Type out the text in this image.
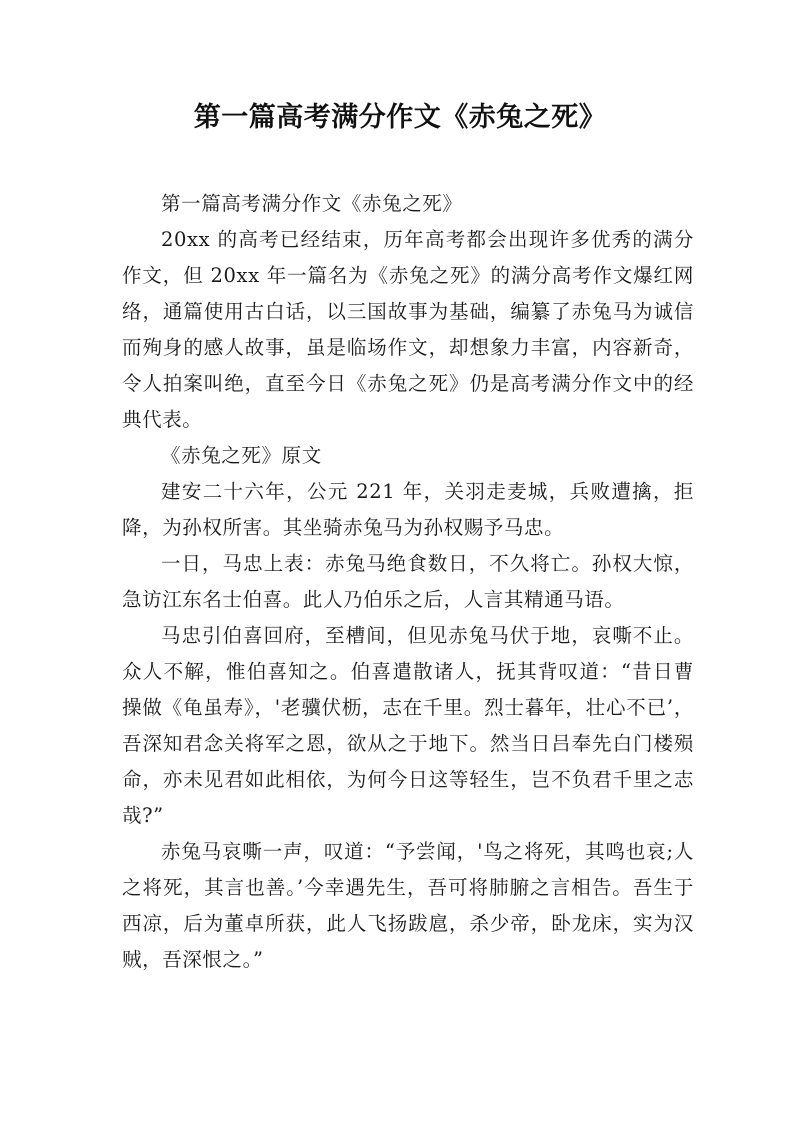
第一篇高考满分作文《赤兔之死》

第一篇高考满分作文《赤兔之死》

20xx 的高考已经结束，历年高考都会出现许多优秀的满分作文，但 20xx 年一篇名为《赤兔之死》的满分高考作文爆红网络，通篇使用古白话，以三国故事为基础，编纂了赤兔马为诚信而殉身的感人故事，虽是临场作文，却想象力丰富，内容新奇，令人拍案叫绝，直至今日《赤兔之死》仍是高考满分作文中的经典代表。

《赤兔之死》原文

建安二十六年，公元 221 年，关羽走麦城，兵败遭擒，拒降，为孙权所害。其坐骑赤兔马为孙权赐予马忠。

一日，马忠上表：赤兔马绝食数日，不久将亡。孙权大惊，急访江东名士伯喜。此人乃伯乐之后，人言其精通马语。

马忠引伯喜回府，至槽间，但见赤兔马伏于地，哀嘶不止。众人不解，惟伯喜知之。伯喜遣散诸人，抚其背叹道：“昔日曹操做《龟虽寿》，'老骥伏枥，志在千里。烈士暮年，壮心不已’，吾深知君念关将军之恩，欲从之于地下。然当日吕奉先白门楼殒命，亦未见君如此相依，为何今日这等轻生，岂不负君千里之志哉?”

赤兔马哀嘶一声，叹道：“予尝闻，'鸟之将死，其鸣也哀;人之将死，其言也善。’今幸遇先生，吾可将肺腑之言相告。吾生于西凉，后为董卓所获，此人飞扬跋扈，杀少帝，卧龙床，实为汉贼，吾深恨之。”
